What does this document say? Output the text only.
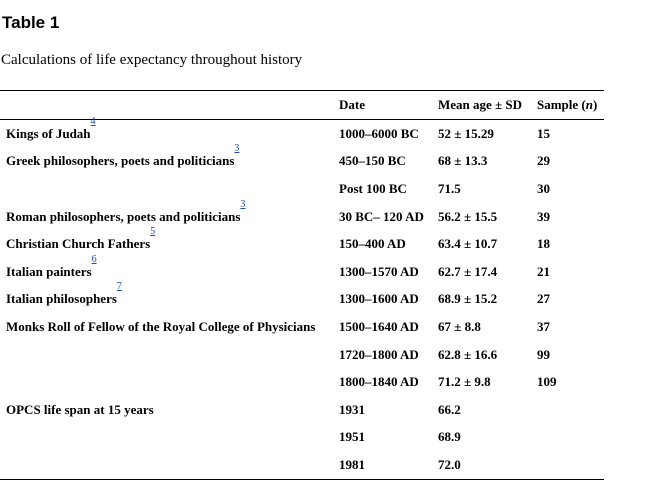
Table 1

Calculations of life expectancy throughout history

	Date	Mean age ± SD	Sample (n)
Kings of Judah$^4$	1000–6000 BC	52 ± 15.29	15
Greek philosophers, poets and politicians$^3$	450–150 BC	68 ± 13.3	29
	Post 100 BC	71.5	30
Roman philosophers, poets and politicians$^3$	30 BC– 120 AD	56.2 ± 15.5	39
Christian Church Fathers$^5$	150–400 AD	63.4 ± 10.7	18
Italian painters$^6$	1300–1570 AD	62.7 ± 17.4	21
Italian philosophers$^7$	1300–1600 AD	68.9 ± 15.2	27
Monks Roll of Fellow of the Royal College of Physicians	1500–1640 AD	67 ± 8.8	37
	1720–1800 AD	62.8 ± 16.6	99
	1800–1840 AD	71.2 ± 9.8	109
OPCS life span at 15 years	1931	66.2	
	1951	68.9	
	1981	72.0	
